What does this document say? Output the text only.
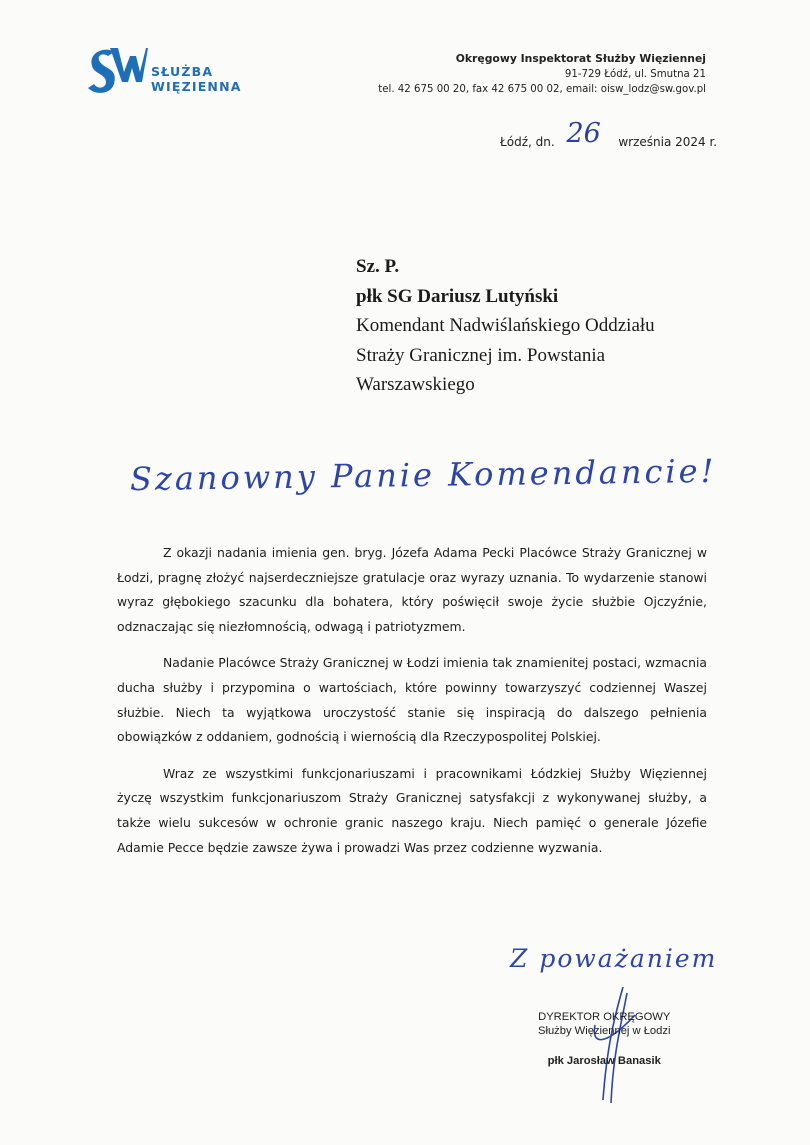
SŁUŻBA
WIĘZIENNA
Okręgowy Inspektorat Służby Więziennej
91-729 Łódź, ul. Smutna 21
tel. 42 675 00 20, fax 42 675 00 02, email: oisw_lodz@sw.gov.pl
Łódź, dn. 26 września 2024 r.
Sz. P.
płk SG Dariusz Lutyński
Komendant Nadwiślańskiego Oddziału
Straży Granicznej im. Powstania
Warszawskiego
Szanowny Panie Komendancie!

Z okazji nadania imienia gen. bryg. Józefa Adama Pecki Placówce Straży Granicznej w Łodzi, pragnę złożyć najserdeczniejsze gratulacje oraz wyrazy uznania. To wydarzenie stanowi wyraz głębokiego szacunku dla bohatera, który poświęcił swoje życie służbie Ojczyźnie, odznaczając się niezłomnością, odwagą i patriotyzmem.

Nadanie Placówce Straży Granicznej w Łodzi imienia tak znamienitej postaci, wzmacnia ducha służby i przypomina o wartościach, które powinny towarzyszyć codziennej Waszej służbie. Niech ta wyjątkowa uroczystość stanie się inspiracją do dalszego pełnienia obowiązków z oddaniem, godnością i wiernością dla Rzeczypospolitej Polskiej.

Wraz ze wszystkimi funkcjonariuszami i pracownikami Łódzkiej Służby Więziennej życzę wszystkim funkcjonariuszom Straży Granicznej satysfakcji z wykonywanej służby, a także wielu sukcesów w ochronie granic naszego kraju. Niech pamięć o generale Józefie Adamie Pecce będzie zawsze żywa i prowadzi Was przez codzienne wyzwania.

Z poważaniem
DYREKTOR OKRĘGOWY
Służby Więziennej w Łodzi
płk Jarosław Banasik
